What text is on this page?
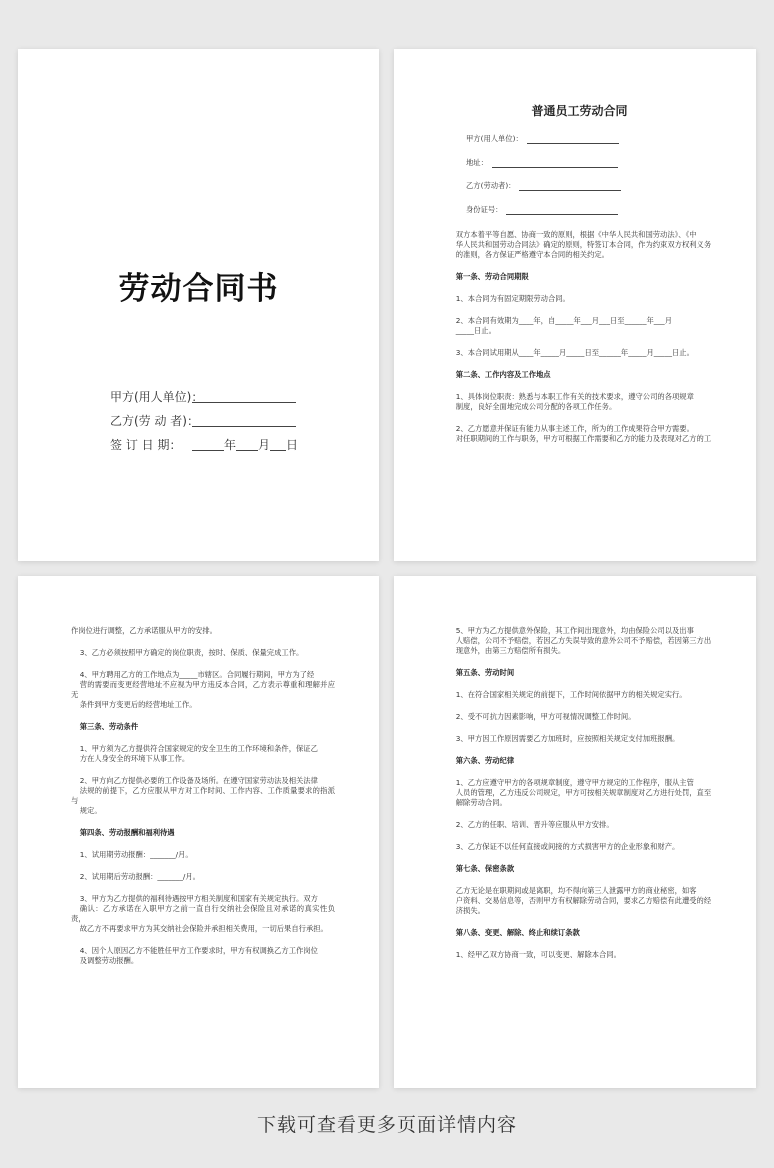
劳动合同书
甲方(用人单位)：
乙方(劳 动 者)：
签 订 日 期：	年 月 日
普通员工劳动合同
甲方(用人单位)：
地址：
乙方(劳动者)：
身份证号：
双方本着平等自愿、协商一致的原则，根据《中华人民共和国劳动法》、《中
华人民共和国劳动合同法》确定的原则，特签订本合同，作为约束双方权利义务
的准则，各方保证严格遵守本合同的相关约定。
第一条、劳动合同期限
1、本合同为有固定期限劳动合同。
2、本合同有效期为____年，自_____年___月___日至______年___月
_____日止。
3、本合同试用期从____年_____月_____日至______年_____月_____日止。
第二条、工作内容及工作地点
1、具体岗位职责：熟悉与本职工作有关的技术要求，遵守公司的各项规章
制度，良好全面地完成公司分配的各项工作任务。
2、乙方愿意并保证有能力从事主述工作，所为的工作成果符合甲方需要。
对任职期间的工作与职务，甲方可根据工作需要和乙方的能力及表现对乙方的工
作岗位进行调整，乙方承诺服从甲方的安排。
3、乙方必须按照甲方确定的岗位职责，按时、保质、保量完成工作。
4、甲方聘用乙方的工作地点为_____市辖区。合同履行期间，甲方为了经
营的需要而变更经营地址不应视为甲方违反本合同，乙方表示尊重和理解并应无
条件到甲方变更后的经营地址工作。
第三条、劳动条件
1、甲方须为乙方提供符合国家规定的安全卫生的工作环境和条件，保证乙
方在人身安全的环境下从事工作。
2、甲方向乙方提供必要的工作设备及场所。在遵守国家劳动法及相关法律
法规的前提下，乙方应服从甲方对工作时间、工作内容、工作质量要求的指派与
规定。
第四条、劳动报酬和福利待遇
1、试用期劳动报酬：_______/月。
2、试用期后劳动报酬：_______/月。
3、甲方为乙方提供的福利待遇按甲方相关制度和国家有关规定执行。双方
确认：乙方承诺在入职甲方之前一直自行交纳社会保险且对承诺的真实性负责，
故乙方不再要求甲方为其交纳社会保险并承担相关费用，一切后果自行承担。
4、因个人原因乙方不能胜任甲方工作要求时，甲方有权调换乙方工作岗位
及调整劳动报酬。
5、甲方为乙方提供意外保险，其工作间出现意外，均由保险公司以及出事
人赔偿，公司不予赔偿，若因乙方失误导致的意外公司不予赔偿，若因第三方出
现意外，由第三方赔偿所有损失。
第五条、劳动时间
1、在符合国家相关规定的前提下，工作时间依据甲方的相关规定实行。
2、受不可抗力因素影响，甲方可视情况调整工作时间。
3、甲方因工作原因需要乙方加班时，应按照相关规定支付加班报酬。
第六条、劳动纪律
1、乙方应遵守甲方的各项规章制度，遵守甲方规定的工作程序，服从主管
人员的管理，乙方违反公司规定，甲方可按相关规章制度对乙方进行处罚，直至
解除劳动合同。
2、乙方的任职、培训、晋升等应服从甲方安排。
3、乙方保证不以任何直接或间接的方式损害甲方的企业形象和财产。
第七条、保密条款
乙方无论是在职期间或是离职，均不得向第三人泄露甲方的商业秘密，如客
户资料、交易信息等，否则甲方有权解除劳动合同，要求乙方赔偿有此遭受的经
济损失。
第八条、变更、解除、终止和续订条款
1、经甲乙双方协商一致，可以变更、解除本合同。
下载可查看更多页面详情内容
